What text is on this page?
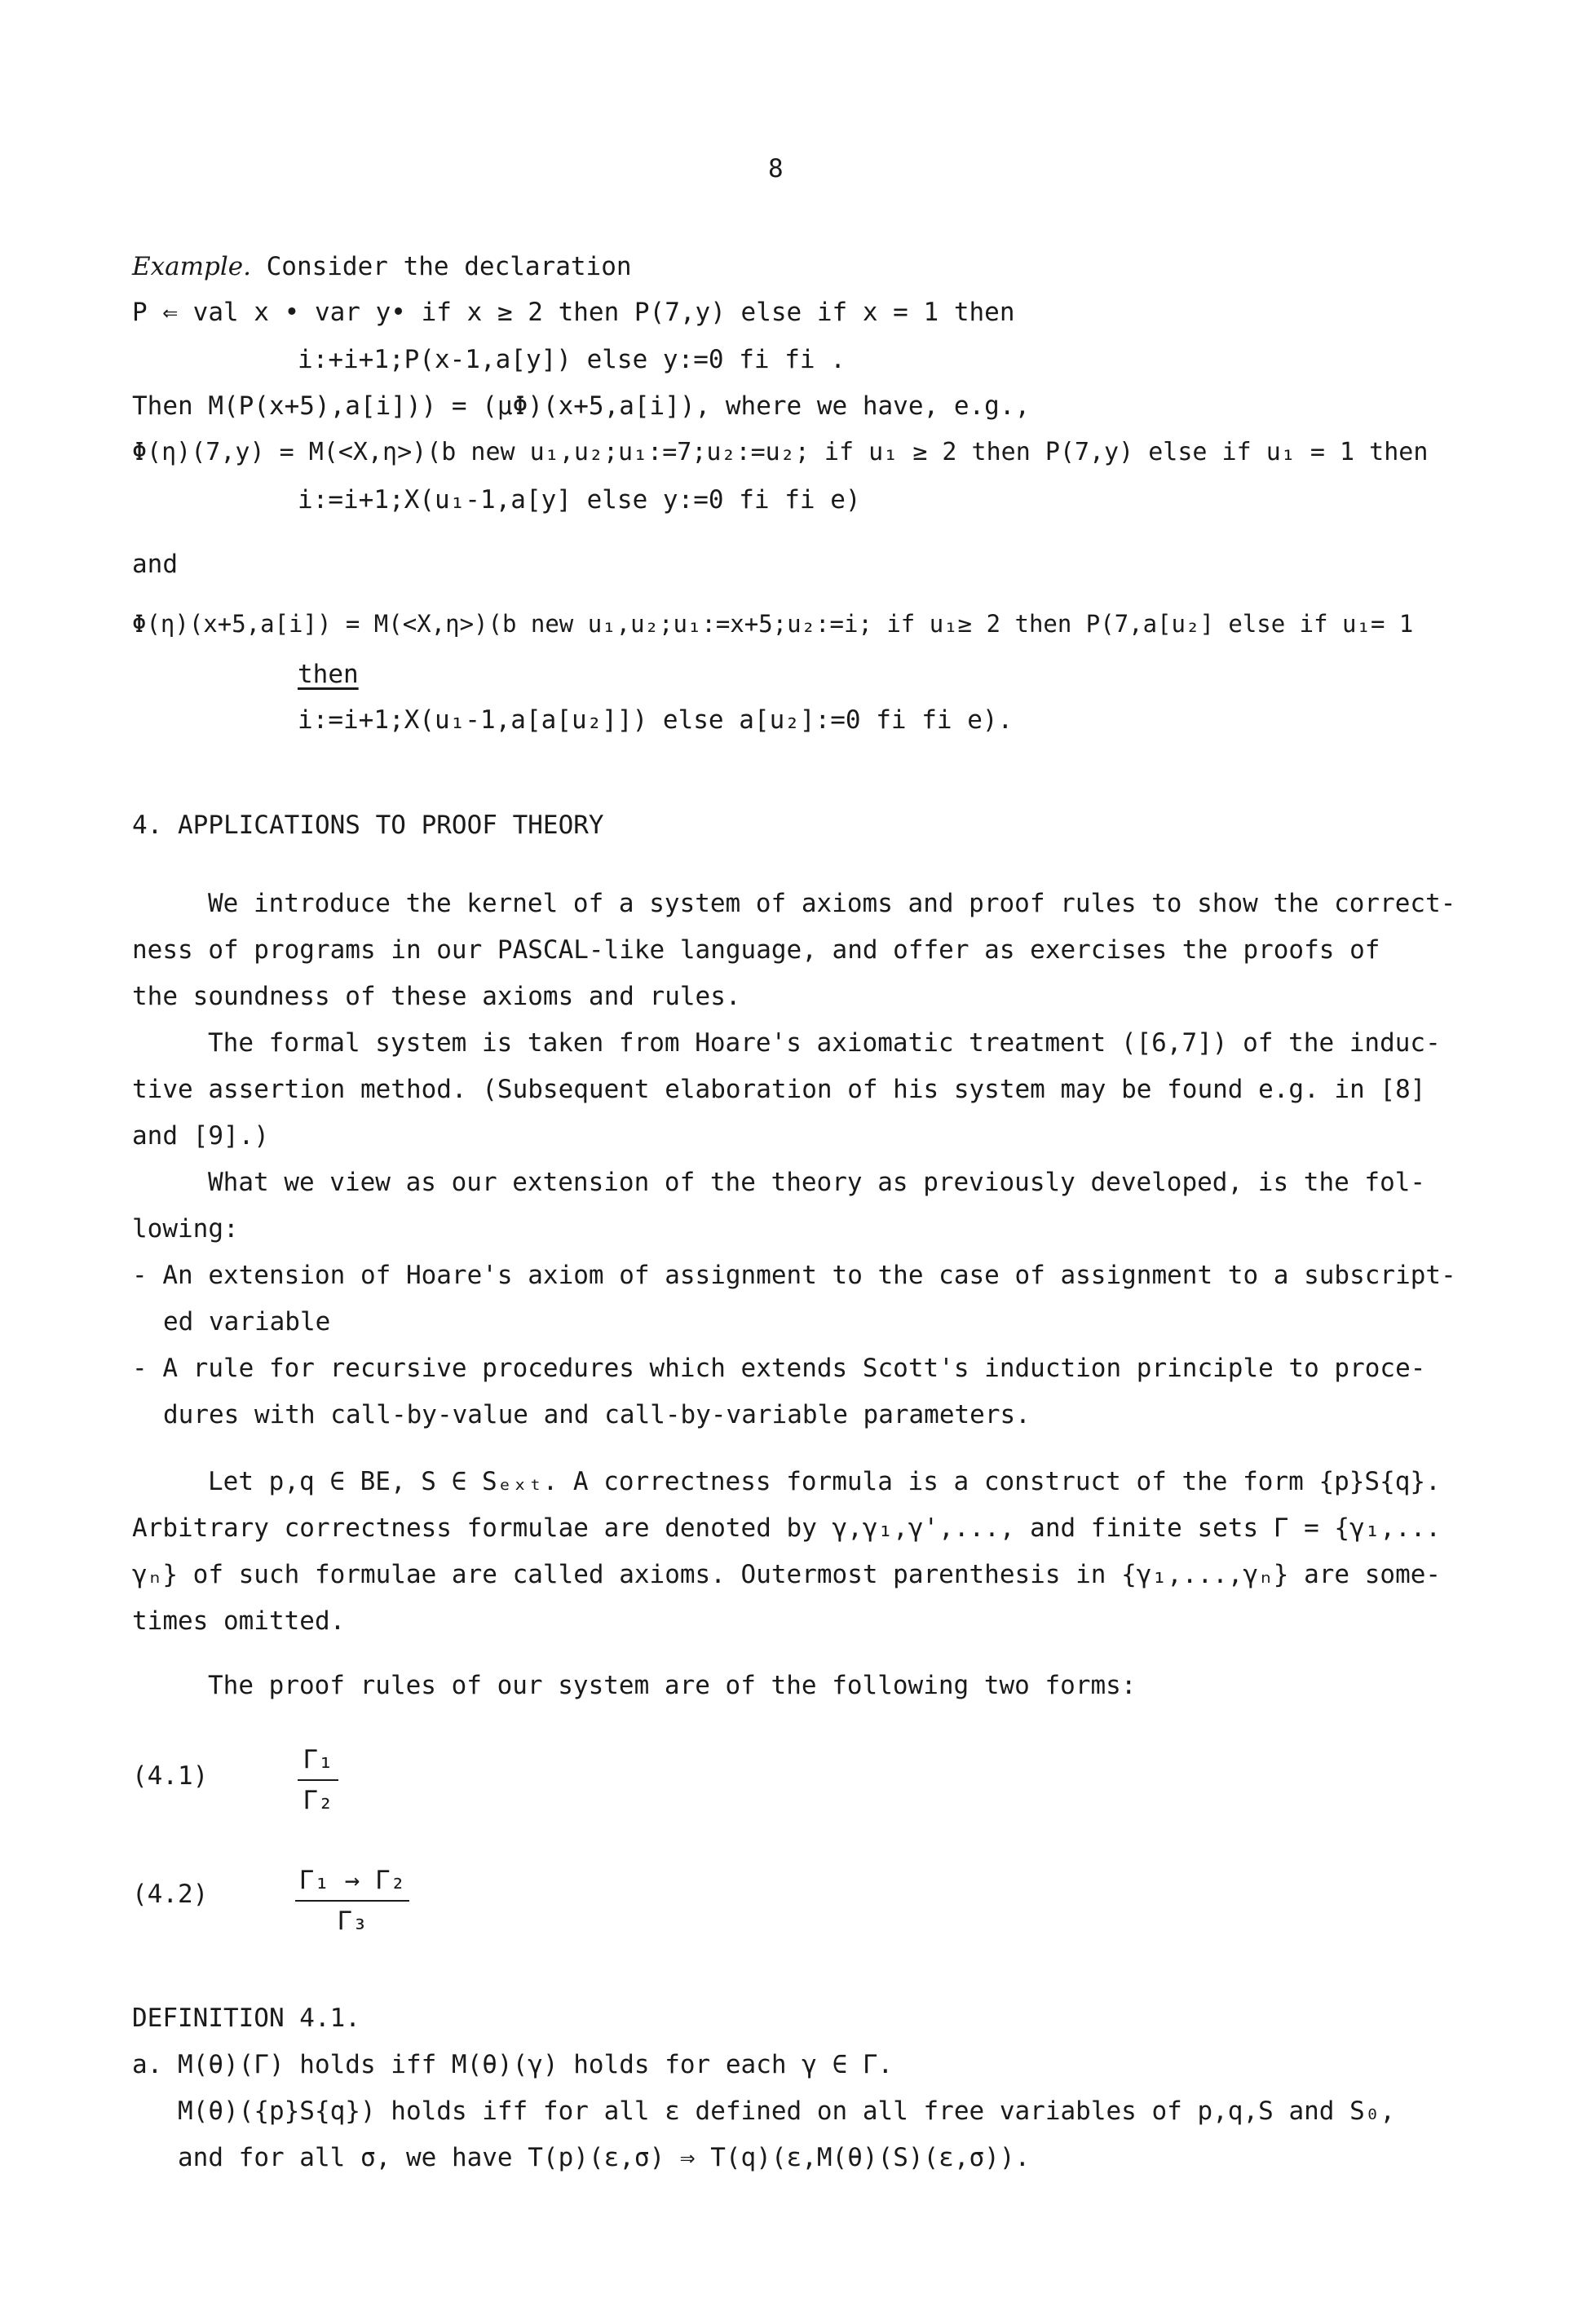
8
Example. Consider the declaration
P ⇐ val x • var y• if x ≥ 2 then P(7,y) else if x = 1 then
i:+i+1;P(x-1,a[y]) else y:=0 fi fi .
Then M(P(x+5),a[i])) = (μΦ)(x+5,a[i]), where we have, e.g.,
Φ(η)(7,y) = M(<X,η>)(b new u₁,u₂;u₁:=7;u₂:=u₂; if u₁ ≥ 2 then P(7,y) else if u₁ = 1 then
i:=i+1;X(u₁-1,a[y] else y:=0 fi fi e)
and
Φ(η)(x+5,a[i]) = M(<X,η>)(b new u₁,u₂;u₁:=x+5;u₂:=i; if u₁≥ 2 then P(7,a[u₂] else if u₁= 1
then
i:=i+1;X(u₁-1,a[a[u₂]]) else a[u₂]:=0 fi fi e).
4. APPLICATIONS TO PROOF THEORY
We introduce the kernel of a system of axioms and proof rules to show the correct-
ness of programs in our PASCAL-like language, and offer as exercises the proofs of
the soundness of these axioms and rules.
The formal system is taken from Hoare's axiomatic treatment ([6,7]) of the induc-
tive assertion method. (Subsequent elaboration of his system may be found e.g. in [8]
and [9].)
What we view as our extension of the theory as previously developed, is the fol-
lowing:
- An extension of Hoare's axiom of assignment to the case of assignment to a subscript-
ed variable
- A rule for recursive procedures which extends Scott's induction principle to proce-
dures with call-by-value and call-by-variable parameters.
Let p,q ∈ BE, S ∈ Sₑₓₜ. A correctness formula is a construct of the form {p}S{q}.
Arbitrary correctness formulae are denoted by γ,γ₁,γ',..., and finite sets Γ = {γ₁,...
γₙ} of such formulae are called axioms. Outermost parenthesis in {γ₁,...,γₙ} are some-
times omitted.
The proof rules of our system are of the following two forms:
(4.1)
Γ₁
Γ₂
(4.2)	Γ₁ → Γ₂
Γ₃
DEFINITION 4.1.
a. M(θ)(Γ) holds iff M(θ)(γ) holds for each γ ∈ Γ.
M(θ)({p}S{q}) holds iff for all ε defined on all free variables of p,q,S and S₀,
and for all σ, we have T(p)(ε,σ) ⇒ T(q)(ε,M(θ)(S)(ε,σ)).
